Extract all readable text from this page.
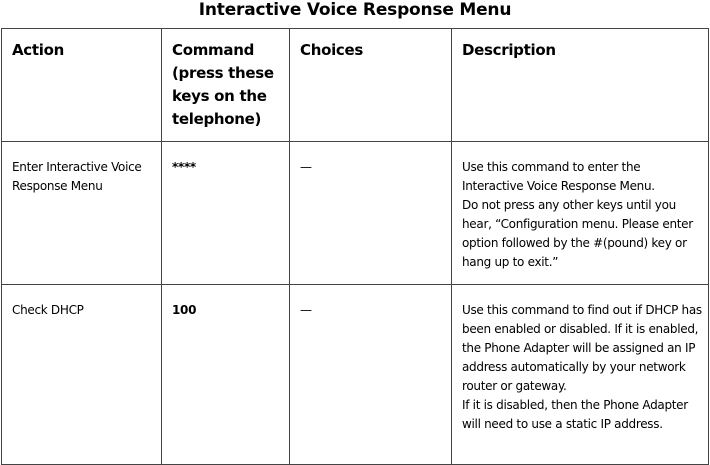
Interactive Voice Response Menu
Action	Command (press these keys on the telephone)	Choices	Description
Enter Interactive Voice Response Menu	****	—	Use this command to enter the Interactive Voice Response Menu.
Do not press any other keys until you hear, “Configuration menu. Please enter option followed by the #(pound) key or hang up to exit.”

Check DHCP	100	—	Use this command to find out if DHCP has been enabled or disabled. If it is enabled, the Phone Adapter will be assigned an IP address automatically by your network router or gateway.
If it is disabled, then the Phone Adapter will need to use a static IP address.
